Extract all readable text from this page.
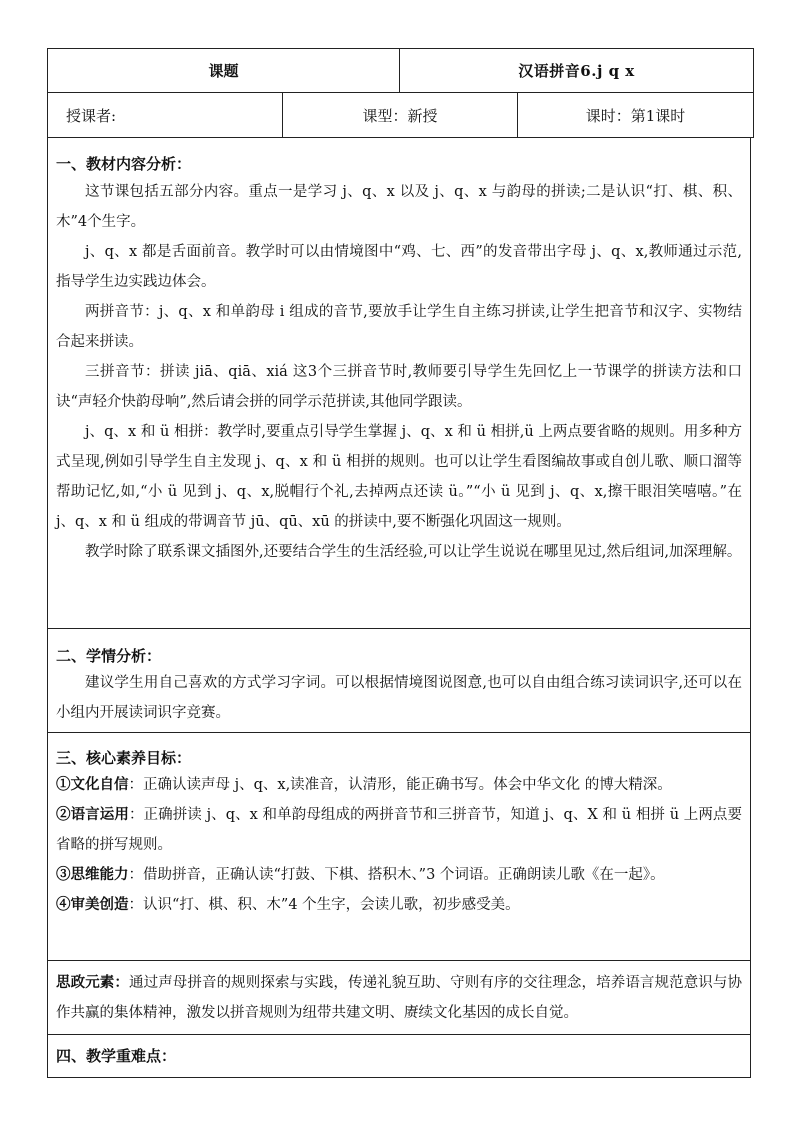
课题		汉语拼音6.j q x	
授课者:	课型：新授		课时：第1课时

一、教材内容分析：

这节课包括五部分内容。重点一是学习 j、q、x 以及 j、q、x 与韵母的拼读;二是认识“打、棋、积、木”4个生字。

j、q、x 都是舌面前音。教学时可以由情境图中“鸡、七、西”的发音带出字母 j、q、x,教师通过示范,指导学生边实践边体会。

两拼音节：j、q、x 和单韵母 i 组成的音节,要放手让学生自主练习拼读,让学生把音节和汉字、实物结合起来拼读。

三拼音节：拼读 jiā、qiā、xiá 这3个三拼音节时,教师要引导学生先回忆上一节课学的拼读方法和口诀“声轻介快韵母响”,然后请会拼的同学示范拼读,其他同学跟读。

j、q、x 和 ü 相拼：教学时,要重点引导学生掌握 j、q、x 和 ü 相拼,ü 上两点要省略的规则。用多种方式呈现,例如引导学生自主发现 j、q、x 和 ü 相拼的规则。也可以让学生看图编故事或自创儿歌、顺口溜等帮助记忆,如,“小 ü 见到 j、q、x,脱帽行个礼,去掉两点还读 ü。”“小 ü 见到 j、q、x,擦干眼泪笑嘻嘻。”在 j、q、x 和 ü 组成的带调音节 jū、qū、xū 的拼读中,要不断强化巩固这一规则。

教学时除了联系课文插图外,还要结合学生的生活经验,可以让学生说说在哪里见过,然后组词,加深理解。

二、学情分析：

建议学生用自己喜欢的方式学习字词。可以根据情境图说图意,也可以自由组合练习读词识字,还可以在小组内开展读词识字竞赛。

三、核心素养目标：

①文化自信：正确认读声母 j、q、x,读准音，认清形，能正确书写。体会中华文化 的博大精深。

②语言运用：正确拼读 j、q、x 和单韵母组成的两拼音节和三拼音节，知道 j、q、X 和 ü 相拼 ü 上两点要省略的拼写规则。

③思维能力：借助拼音，正确认读“打鼓、下棋、搭积木、”3 个词语。正确朗读儿歌《在一起》。

④审美创造：认识“打、棋、积、木”4 个生字，会读儿歌，初步感受美。

思政元素：通过声母拼音的规则探索与实践，传递礼貌互助、守则有序的交往理念，培养语言规范意识与协作共赢的集体精神，激发以拼音规则为纽带共建文明、赓续文化基因的成长自觉。

四、教学重难点：
